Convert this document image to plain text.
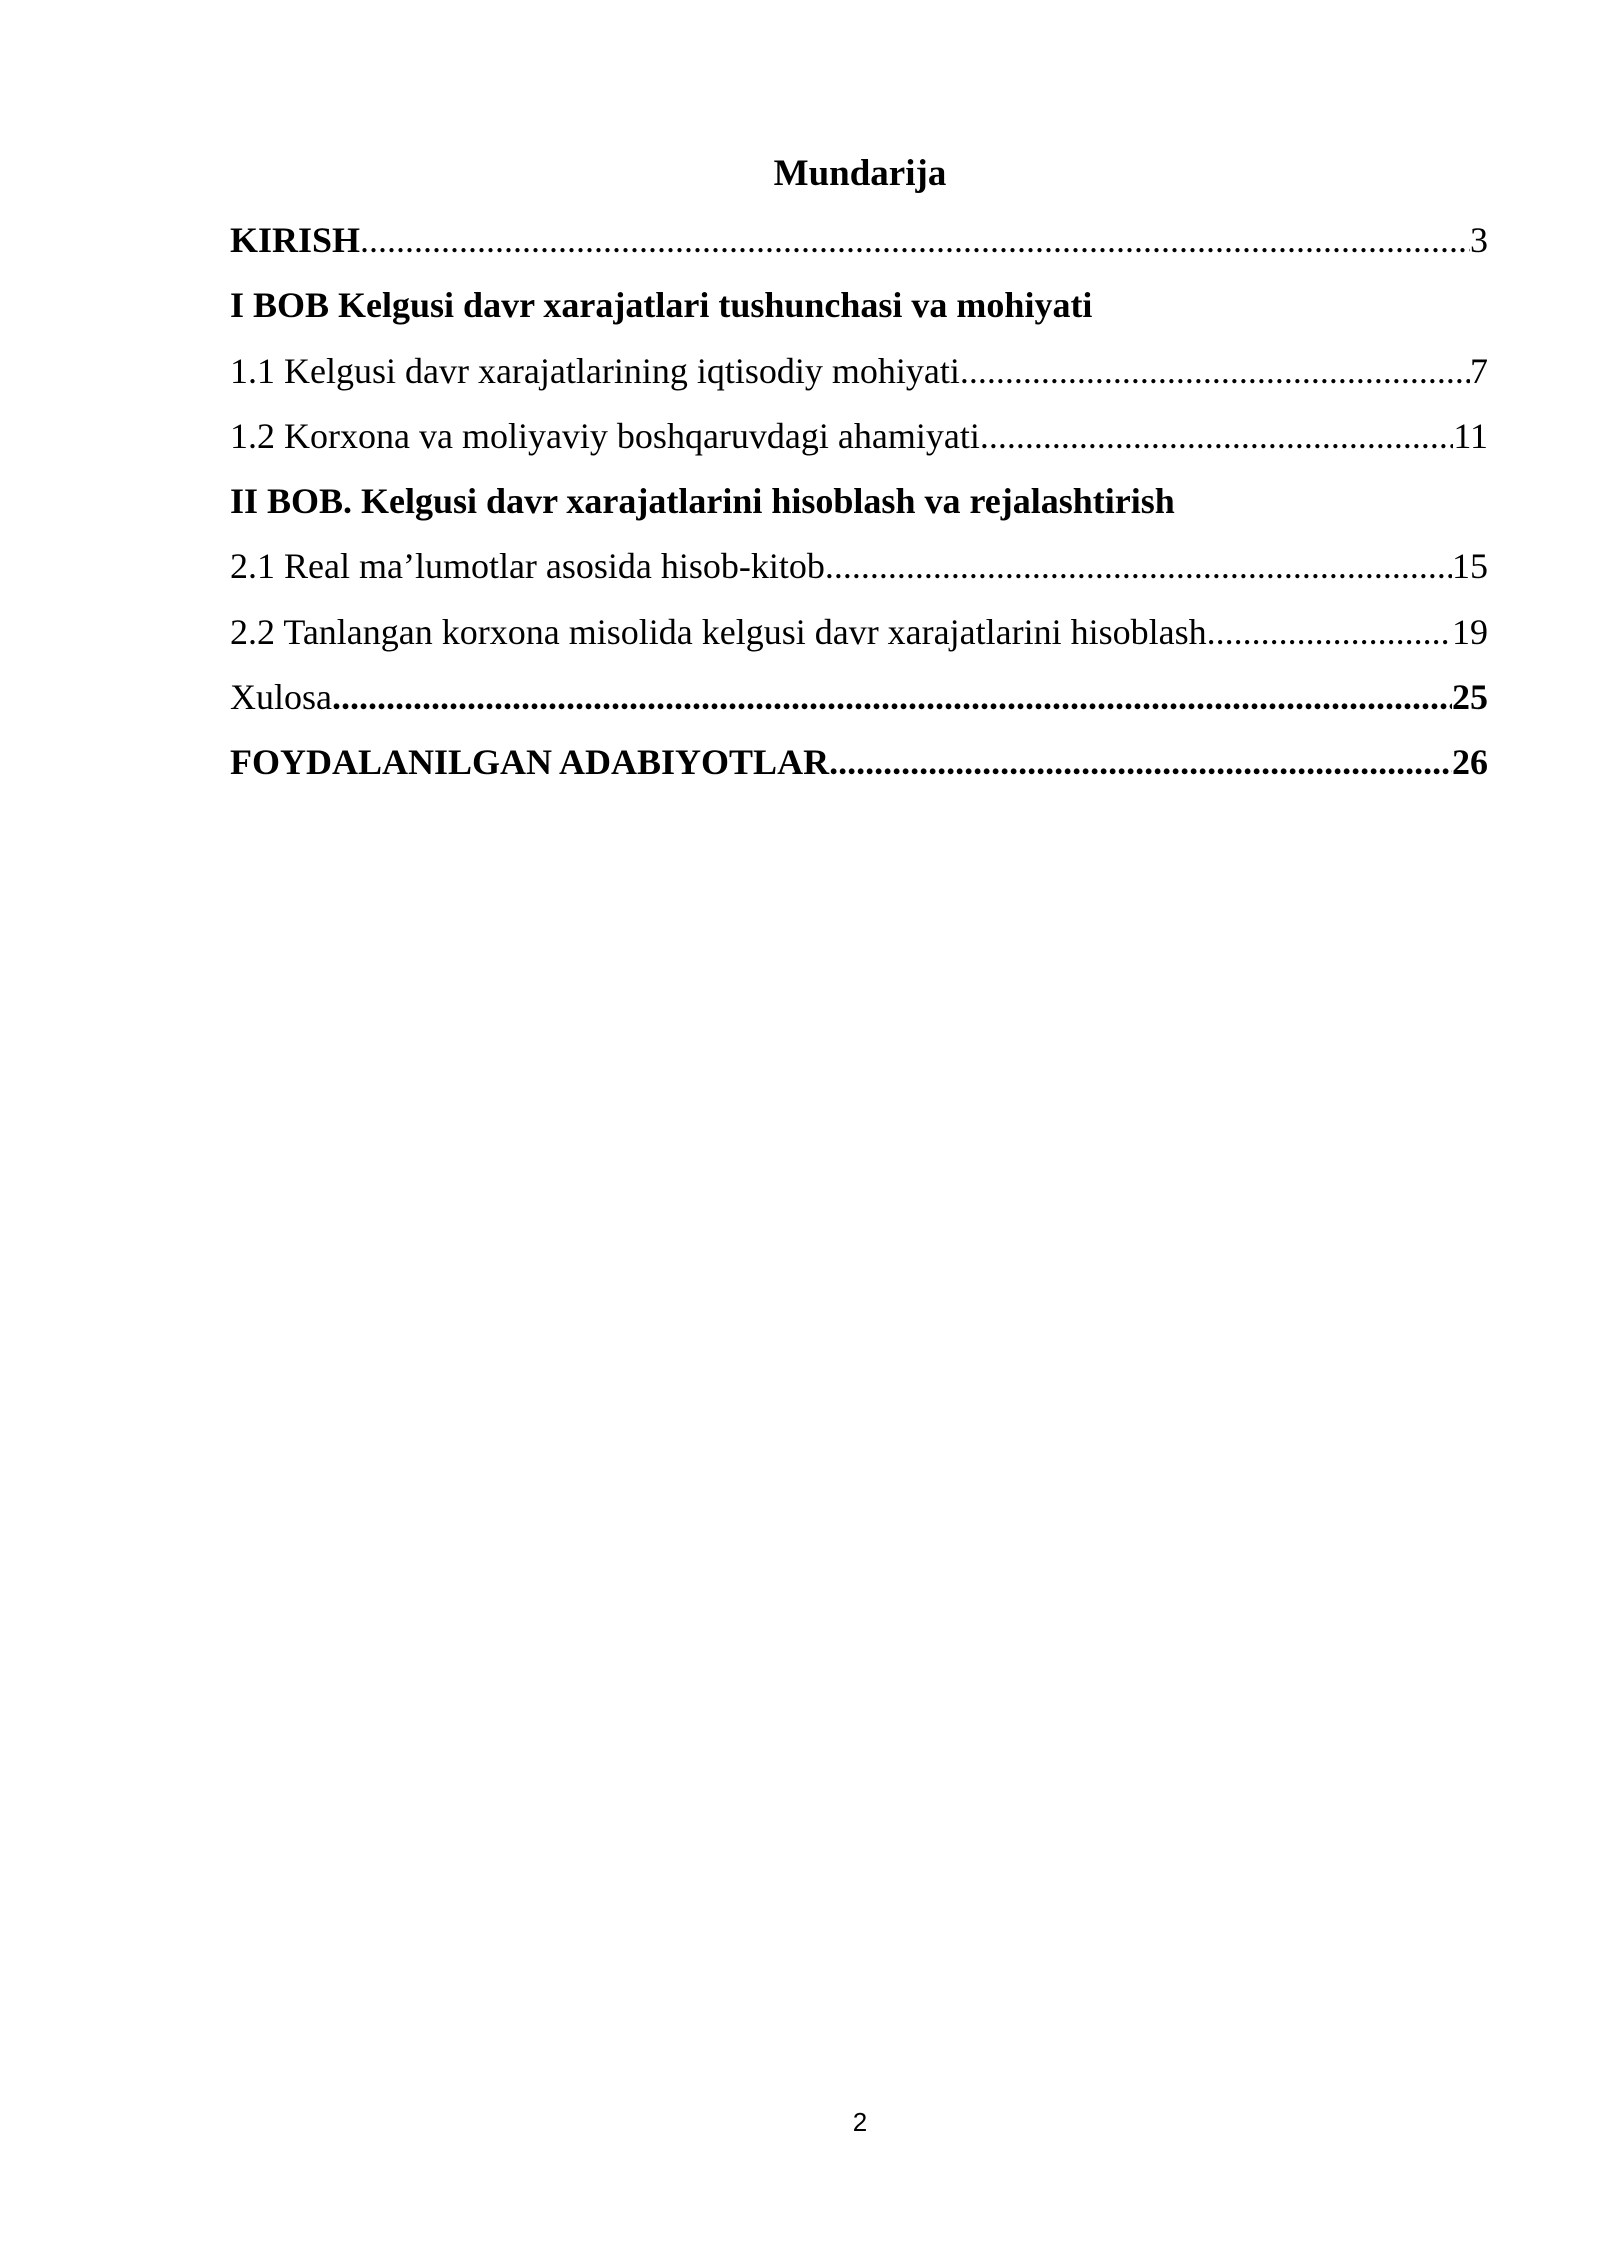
Mundarija
KIRISH .....	3
I BOB Kelgusi davr xarajatlari tushunchasi va mohiyati
1.1 Kelgusi davr xarajatlarining iqtisodiy mohiyati .....	7
1.2 Korxona va moliyaviy boshqaruvdagi ahamiyati .....	11
II BOB. Kelgusi davr xarajatlarini hisoblash va rejalashtirish
2.1 Real ma’lumotlar asosida hisob-kitob .....	15
2.2 Tanlangan korxona misolida kelgusi davr xarajatlarini hisoblash .....	19
Xulosa .....	25
FOYDALANILGAN ADABIYOTLAR .....	26
2
